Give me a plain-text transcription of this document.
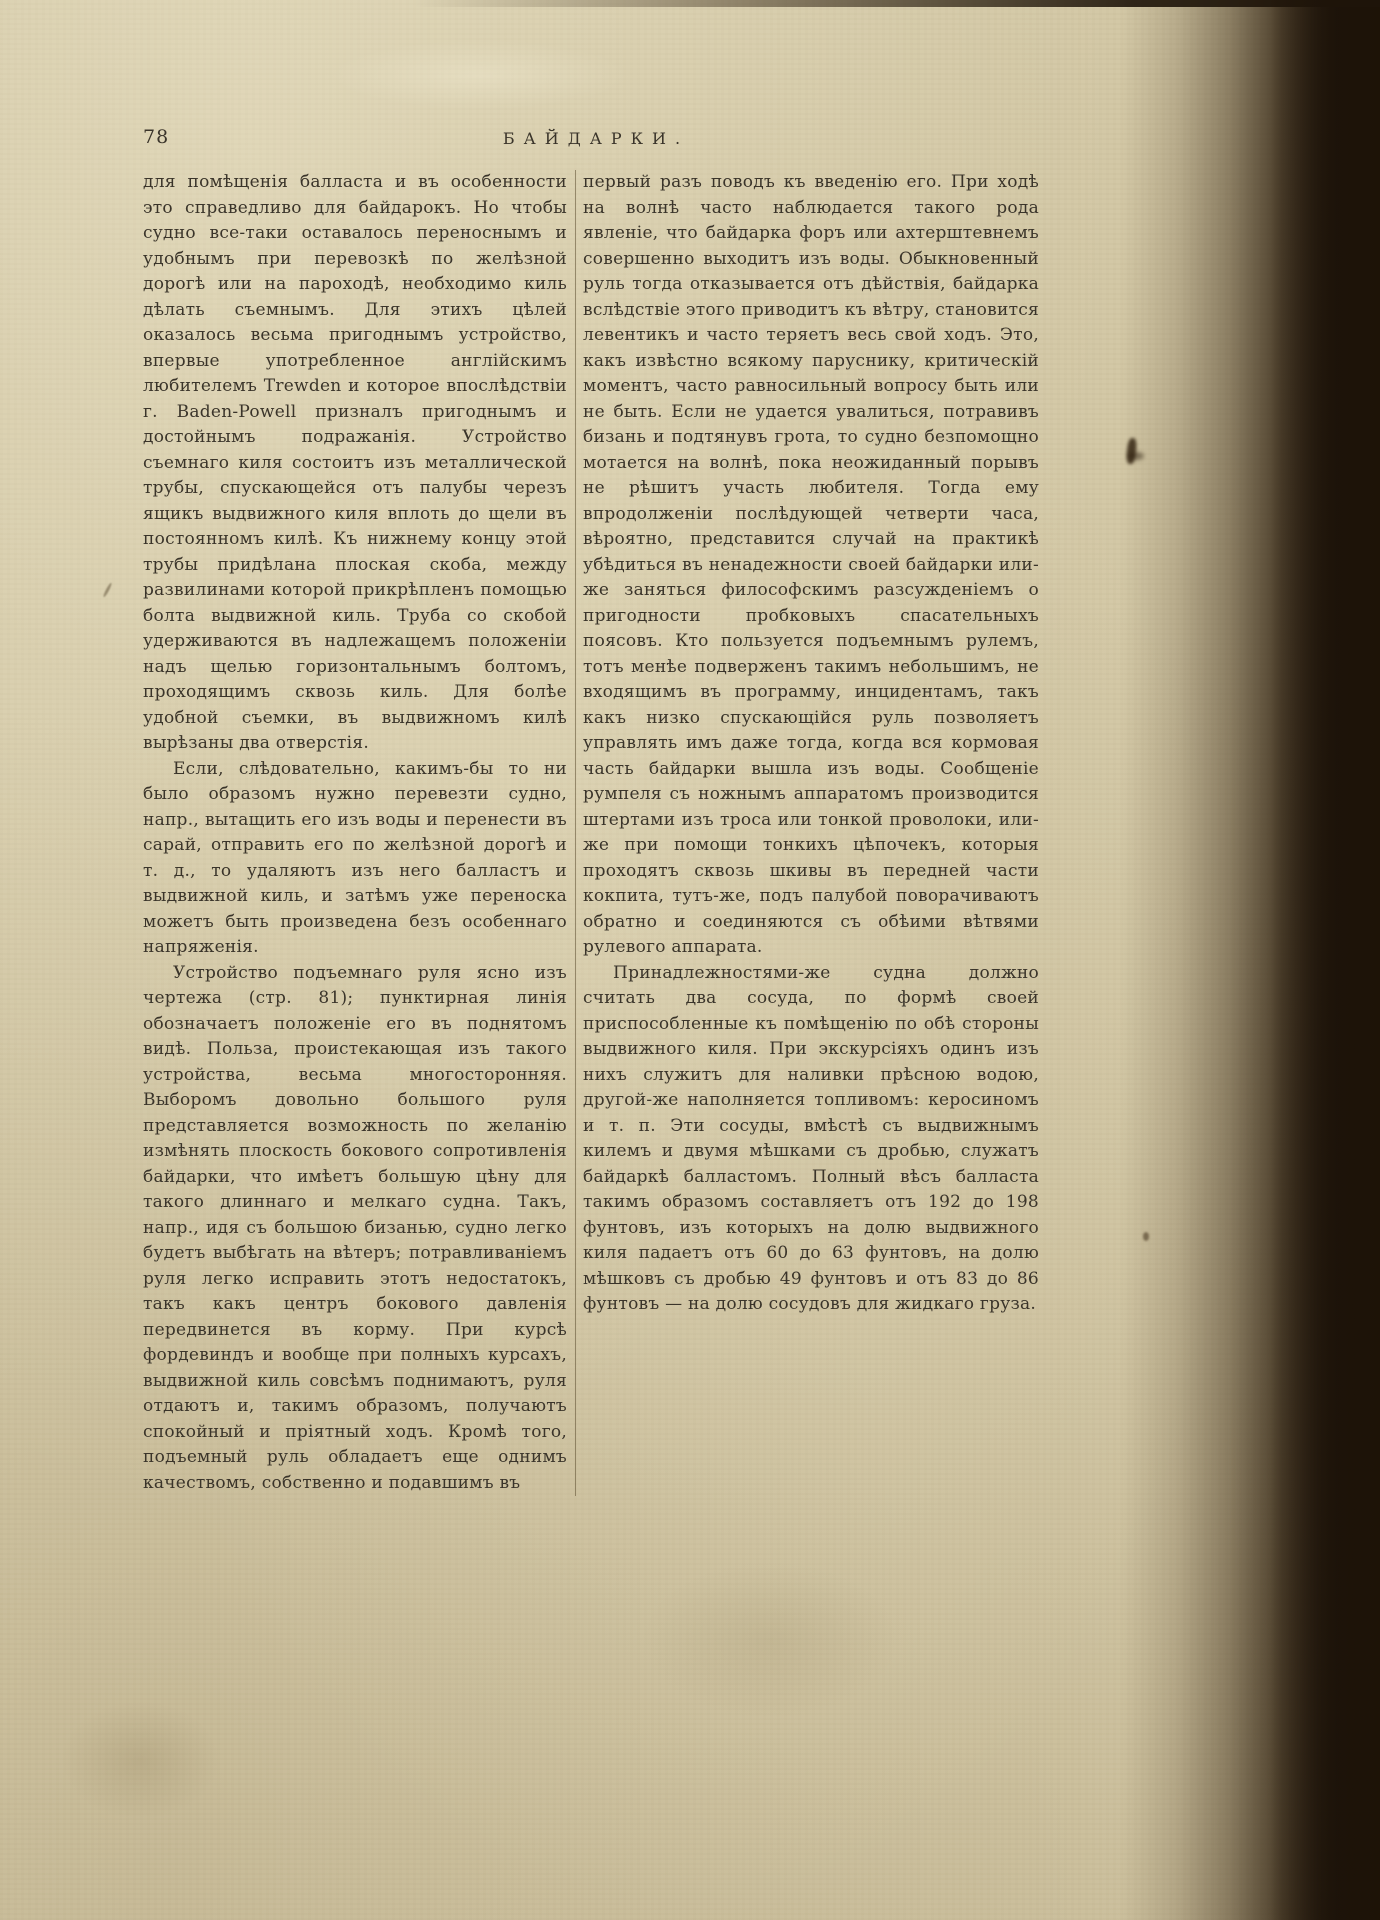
78	БАЙДАРКИ.

для помѣщенія балласта и въ особенности это справедливо для байдарокъ. Но чтобы судно все-таки оставалось переноснымъ и удобнымъ при перевозкѣ по желѣзной дорогѣ или на пароходѣ, необходимо киль дѣлать съемнымъ. Для этихъ цѣлей оказалось весьма пригоднымъ устройство, впервые употребленное англійскимъ любителемъ Trewden и которое впослѣдствіи г. Baden-Powell призналъ пригоднымъ и достойнымъ подражанія. Устройство съемнаго киля состоитъ изъ металлической трубы, спускающейся отъ палубы черезъ ящикъ выдвижного киля вплоть до щели въ постоянномъ килѣ. Къ нижнему концу этой трубы придѣлана плоская скоба, между развилинами которой прикрѣпленъ помощью болта выдвижной киль. Труба со скобой удерживаются въ надлежащемъ положеніи надъ щелью горизонтальнымъ болтомъ, проходящимъ сквозь киль. Для болѣе удобной съемки, въ выдвижномъ килѣ вырѣзаны два отверстія.

Если, слѣдовательно, какимъ-бы то ни было образомъ нужно перевезти судно, напр., вытащить его изъ воды и перенести въ сарай, отправить его по желѣзной дорогѣ и т. д., то удаляютъ изъ него балластъ и выдвижной киль, и затѣмъ уже переноска можетъ быть произведена безъ особеннаго напряженія.

Устройство подъемнаго руля ясно изъ чертежа (стр. 81); пунктирная линія обозначаетъ положеніе его въ поднятомъ видѣ. Польза, проистекающая изъ такого устройства, весьма многосторонняя. Выборомъ довольно большого руля представляется возможность по желанію измѣнять плоскость бокового сопротивленія байдарки, что имѣетъ большую цѣну для такого длиннаго и мелкаго судна. Такъ, напр., идя съ большою бизанью, судно легко будетъ выбѣгать на вѣтеръ; потравливаніемъ руля легко исправить этотъ недостатокъ, такъ какъ центръ бокового давленія передвинется въ корму. При курсѣ фордевиндъ и вообще при полныхъ курсахъ, выдвижной киль совсѣмъ поднимаютъ, руля отдаютъ и, такимъ образомъ, получаютъ спокойный и пріятный ходъ. Кромѣ того, подъемный руль обладаетъ еще однимъ качествомъ, собственно и подавшимъ въ

первый разъ поводъ къ введенію его. При ходѣ на волнѣ часто наблюдается такого рода явленіе, что байдарка форъ или ахтерштевнемъ совершенно выходитъ изъ воды. Обыкновенный руль тогда отказывается отъ дѣйствія, байдарка вслѣдствіе этого приводитъ къ вѣтру, становится левентикъ и часто теряетъ весь свой ходъ. Это, какъ извѣстно всякому паруснику, критическій моментъ, часто равносильный вопросу быть или не быть. Если не удается увалиться, потравивъ бизань и подтянувъ грота, то судно безпомощно мотается на волнѣ, пока неожиданный порывъ не рѣшитъ участь любителя. Тогда ему впродолженіи послѣдующей четверти часа, вѣроятно, представится случай на практикѣ убѣдиться въ ненадежности своей байдарки или-же заняться философскимъ разсужденіемъ о пригодности пробковыхъ спасательныхъ поясовъ. Кто пользуется подъемнымъ рулемъ, тотъ менѣе подверженъ такимъ небольшимъ, не входящимъ въ программу, инцидентамъ, такъ какъ низко спускающійся руль позволяетъ управлять имъ даже тогда, когда вся кормовая часть байдарки вышла изъ воды. Сообщеніе румпеля съ ножнымъ аппаратомъ производится штертами изъ троса или тонкой проволоки, или-же при помощи тонкихъ цѣпочекъ, которыя проходятъ сквозь шкивы въ передней части кокпита, тутъ-же, подъ палубой поворачиваютъ обратно и соединяются съ обѣими вѣтвями рулевого аппарата.

Принадлежностями-же судна должно считать два сосуда, по формѣ своей приспособленные къ помѣщенію по обѣ стороны выдвижного киля. При экскурсіяхъ одинъ изъ нихъ служитъ для наливки прѣсною водою, другой-же наполняется топливомъ: керосиномъ и т. п. Эти сосуды, вмѣстѣ съ выдвижнымъ килемъ и двумя мѣшками съ дробью, служатъ байдаркѣ балластомъ. Полный вѣсъ балласта такимъ образомъ составляетъ отъ 192 до 198 фунтовъ, изъ которыхъ на долю выдвижного киля падаетъ отъ 60 до 63 фунтовъ, на долю мѣшковъ съ дробью 49 фунтовъ и отъ 83 до 86 фунтовъ — на долю сосудовъ для жидкаго груза.
